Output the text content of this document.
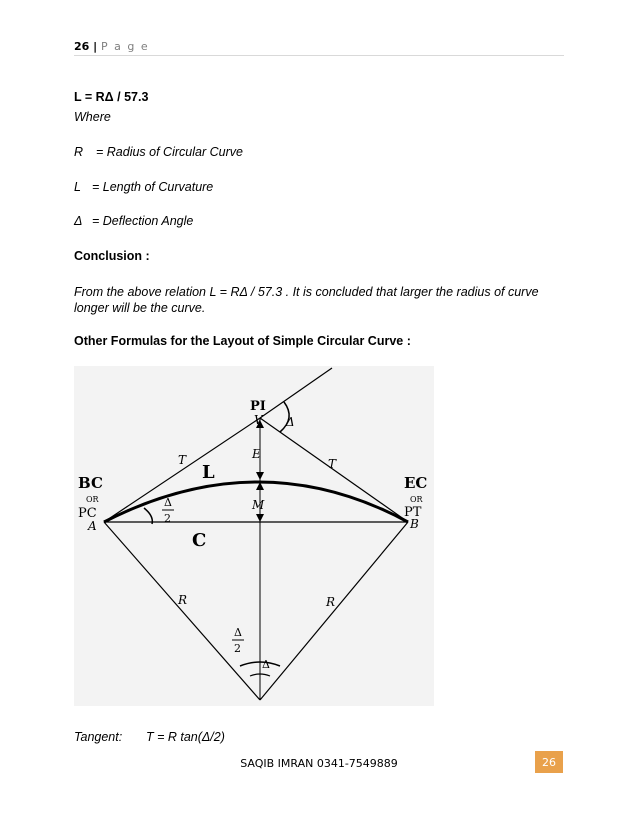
26 | P a g e
L = RΔ / 57.3
Where
R = Radius of Circular Curve
L = Length of Curvature
Δ = Deflection Angle
Conclusion :
From the above relation L = RΔ / 57.3 . It is concluded that larger the radius of curve longer will be the curve.
Other Formulas for the Layout of Simple Circular Curve :
PI
V Δ
E
M
L
C
T	T
BC
OR
PC
A
EC
OR
PT
B
R	R
Δ
2
Δ
2
Δ
Tangent: T = R tan(Δ/2)
SAQIB IMRAN 0341-7549889	26
